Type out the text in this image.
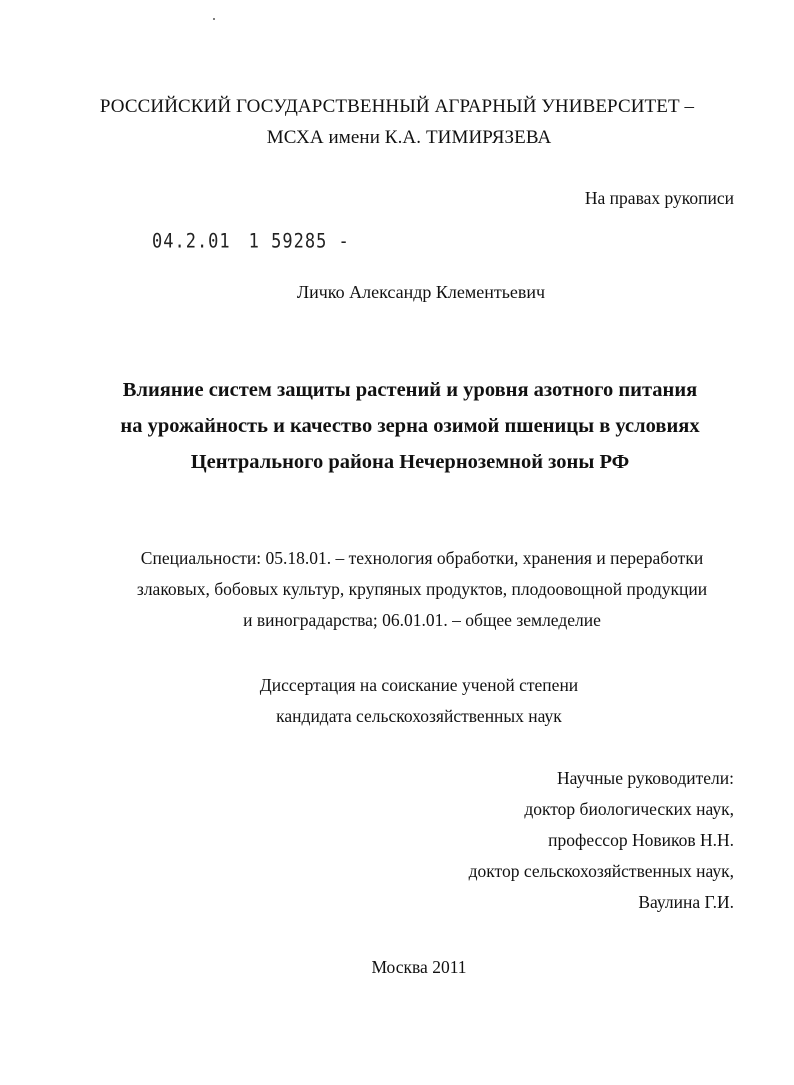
РОССИЙСКИЙ ГОСУДАРСТВЕННЫЙ АГРАРНЫЙ УНИВЕРСИТЕТ –
МСХА имени К.А. ТИМИРЯЗЕВА
На правах рукописи
04.2.01 1 59285 -
Личко Александр Клементьевич
Влияние систем защиты растений и уровня азотного питания
на урожайность и качество зерна озимой пшеницы в условиях
Центрального района Нечерноземной зоны РФ
Специальности: 05.18.01. – технология обработки, хранения и переработки
злаковых, бобовых культур, крупяных продуктов, плодоовощной продукции
и виноградарства; 06.01.01. – общее земледелие
Диссертация на соискание ученой степени
кандидата сельскохозяйственных наук
Научные руководители:
доктор биологических наук,
профессор Новиков Н.Н.
доктор сельскохозяйственных наук,
Ваулина Г.И.
Москва 2011
